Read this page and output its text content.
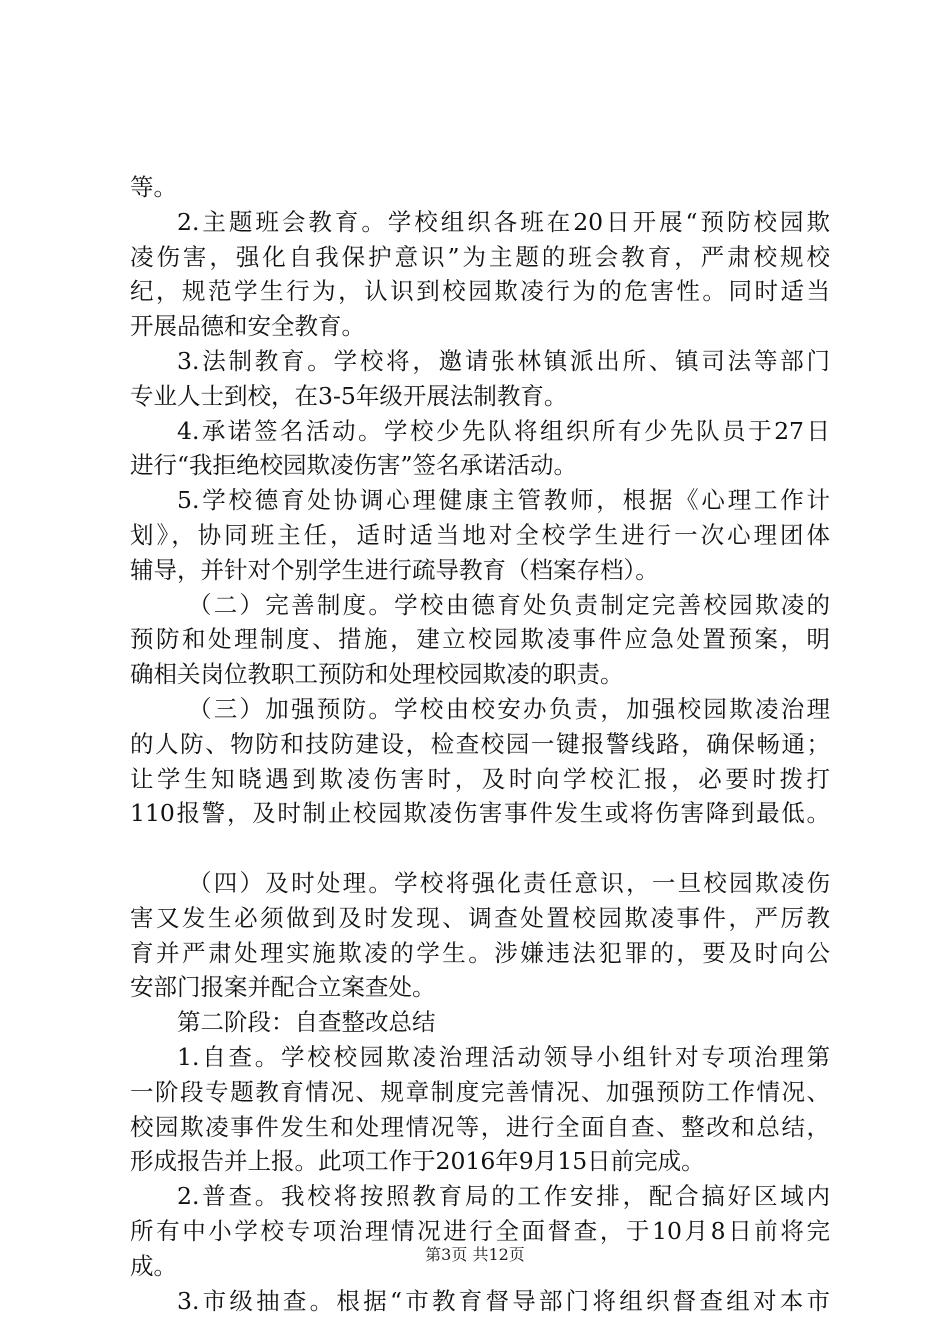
等。
2.主题班会教育。学校组织各班在20日开展“预防校园欺
凌伤害，强化自我保护意识”为主题的班会教育，严肃校规校
纪，规范学生行为，认识到校园欺凌行为的危害性。同时适当
开展品德和安全教育。
3.法制教育。学校将，邀请张林镇派出所、镇司法等部门
专业人士到校，在3-5年级开展法制教育。
4.承诺签名活动。学校少先队将组织所有少先队员于27日
进行“我拒绝校园欺凌伤害”签名承诺活动。
5.学校德育处协调心理健康主管教师，根据《心理工作计
划》，协同班主任，适时适当地对全校学生进行一次心理团体
辅导，并针对个别学生进行疏导教育（档案存档）。
（二）完善制度。学校由德育处负责制定完善校园欺凌的
预防和处理制度、措施，建立校园欺凌事件应急处置预案，明
确相关岗位教职工预防和处理校园欺凌的职责。
（三）加强预防。学校由校安办负责，加强校园欺凌治理
的人防、物防和技防建设，检查校园一键报警线路，确保畅通；
让学生知晓遇到欺凌伤害时，及时向学校汇报，必要时拨打
110报警，及时制止校园欺凌伤害事件发生或将伤害降到最低。
（四）及时处理。学校将强化责任意识，一旦校园欺凌伤
害又发生必须做到及时发现、调查处置校园欺凌事件，严厉教
育并严肃处理实施欺凌的学生。涉嫌违法犯罪的，要及时向公
安部门报案并配合立案查处。
第二阶段：自查整改总结
1.自查。学校校园欺凌治理活动领导小组针对专项治理第
一阶段专题教育情况、规章制度完善情况、加强预防工作情况、
校园欺凌事件发生和处理情况等，进行全面自查、整改和总结，
形成报告并上报。此项工作于2016年9月15日前完成。
2.普查。我校将按照教育局的工作安排，配合搞好区域内
所有中小学校专项治理情况进行全面督查，于10月8日前将完
成。
3.市级抽查。根据“市教育督导部门将组织督查组对本市
第3页 共12页
